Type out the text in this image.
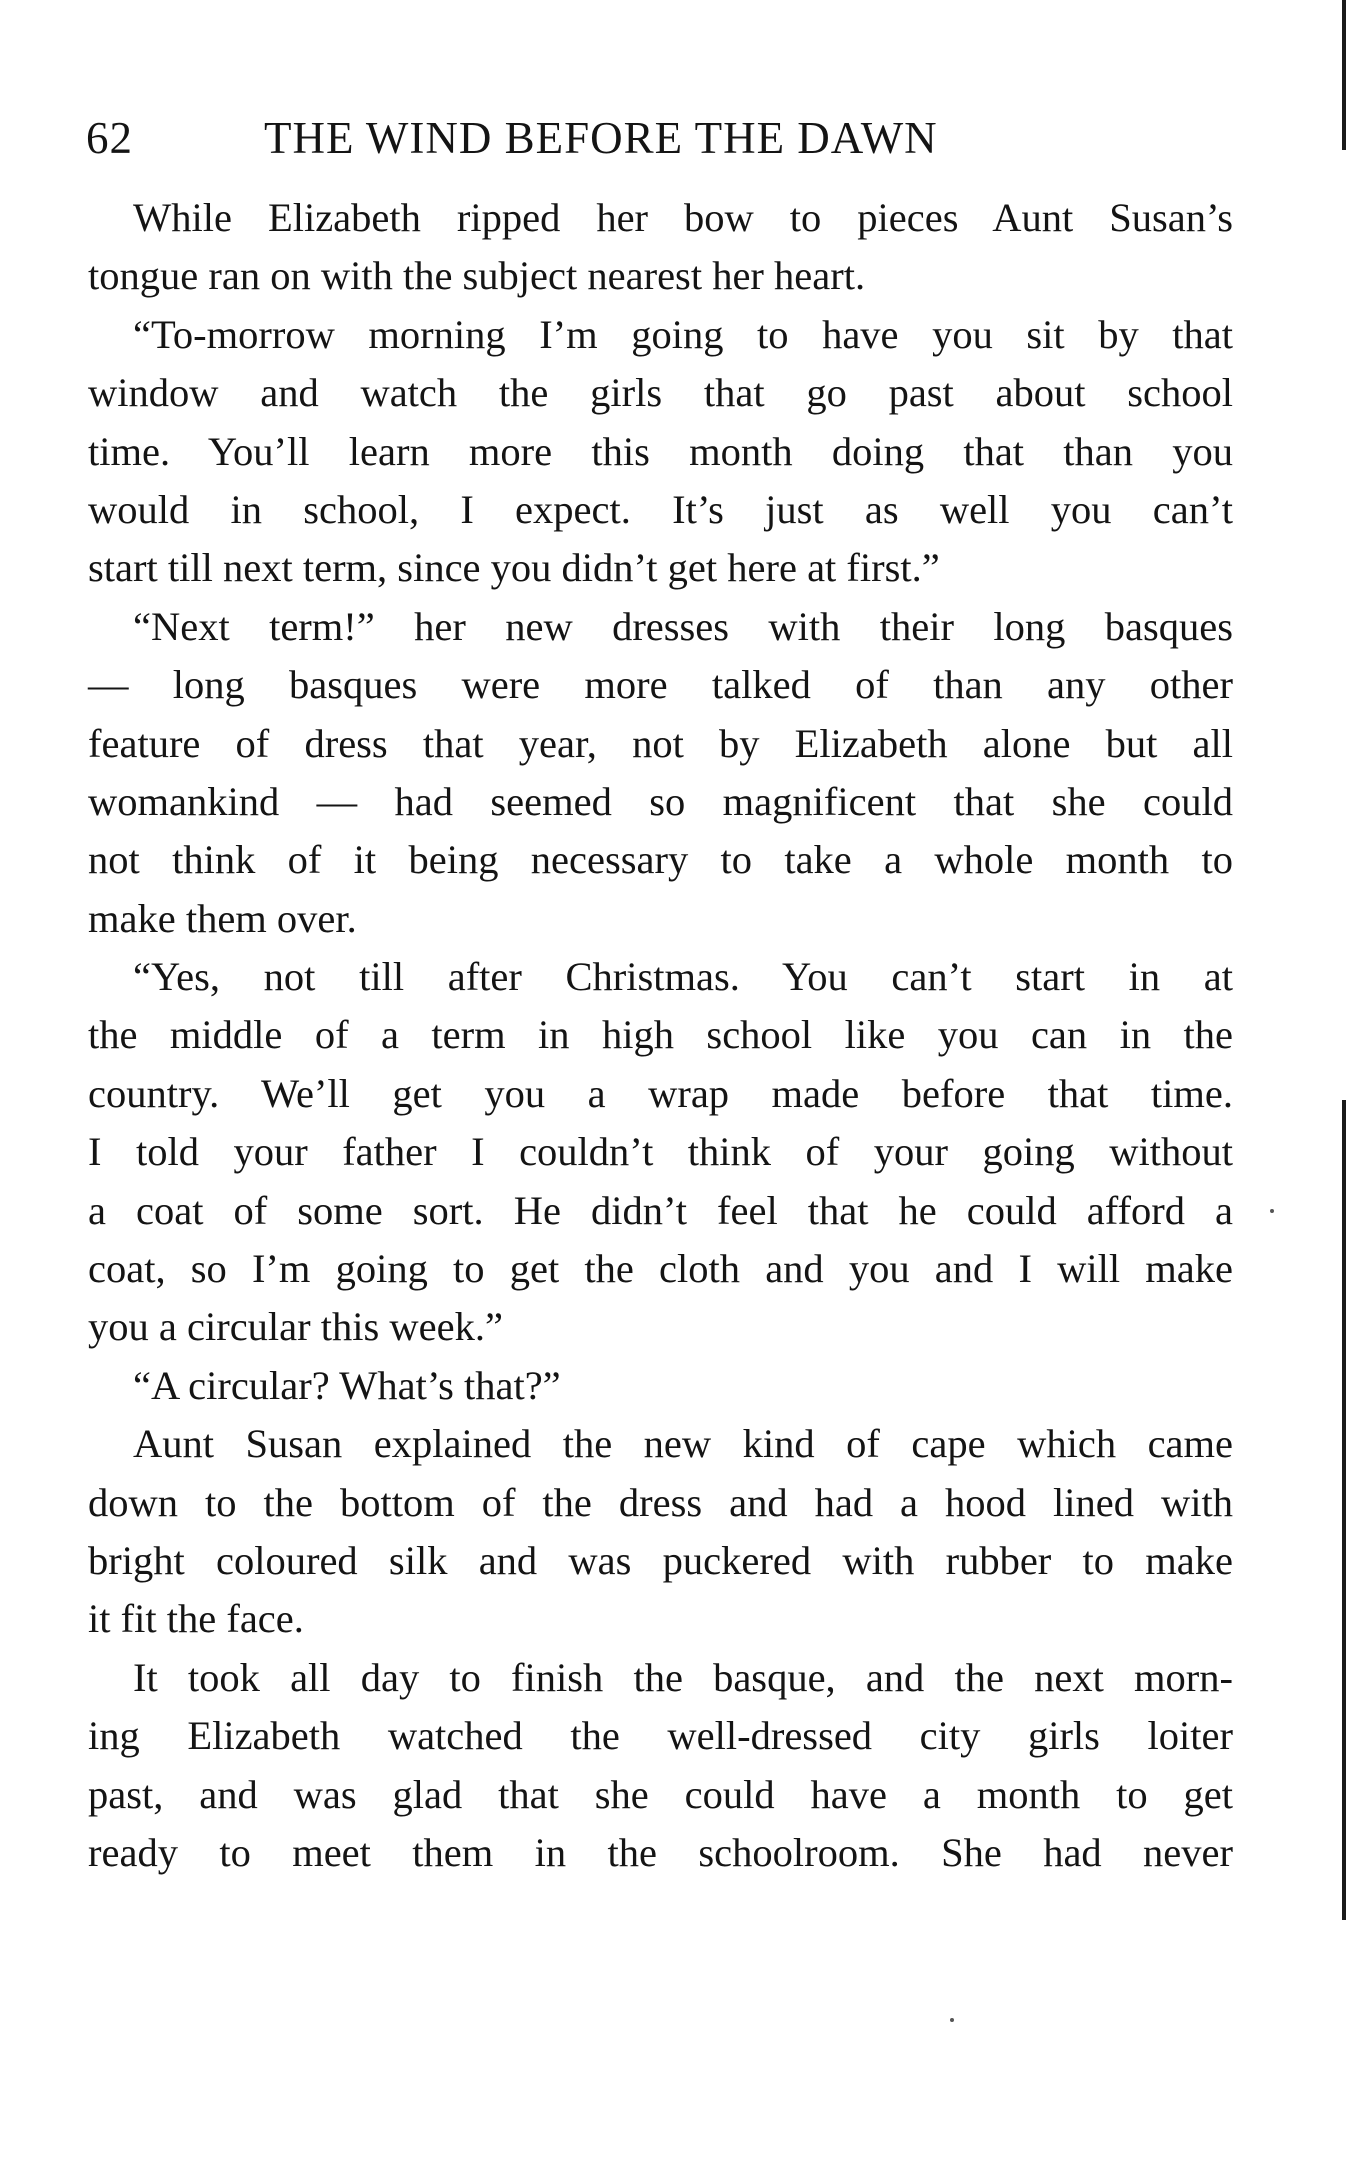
62	THE WIND BEFORE THE DAWN
While Elizabeth ripped her bow to pieces Aunt Susan’s
tongue ran on with the subject nearest her heart.
“To-morrow morning I’m going to have you sit by that
window and watch the girls that go past about school
time. You’ll learn more this month doing that than you
would in school, I expect. It’s just as well you can’t
start till next term, since you didn’t get here at first.”
“Next term!” her new dresses with their long basques
— long basques were more talked of than any other
feature of dress that year, not by Elizabeth alone but all
womankind — had seemed so magnificent that she could
not think of it being necessary to take a whole month to
make them over.
“Yes, not till after Christmas. You can’t start in at
the middle of a term in high school like you can in the
country. We’ll get you a wrap made before that time.
I told your father I couldn’t think of your going without
a coat of some sort. He didn’t feel that he could afford a
coat, so I’m going to get the cloth and you and I will make
you a circular this week.”
“A circular? What’s that?”
Aunt Susan explained the new kind of cape which came
down to the bottom of the dress and had a hood lined with
bright coloured silk and was puckered with rubber to make
it fit the face.
It took all day to finish the basque, and the next morn-
ing Elizabeth watched the well-dressed city girls loiter
past, and was glad that she could have a month to get
ready to meet them in the schoolroom. She had never
